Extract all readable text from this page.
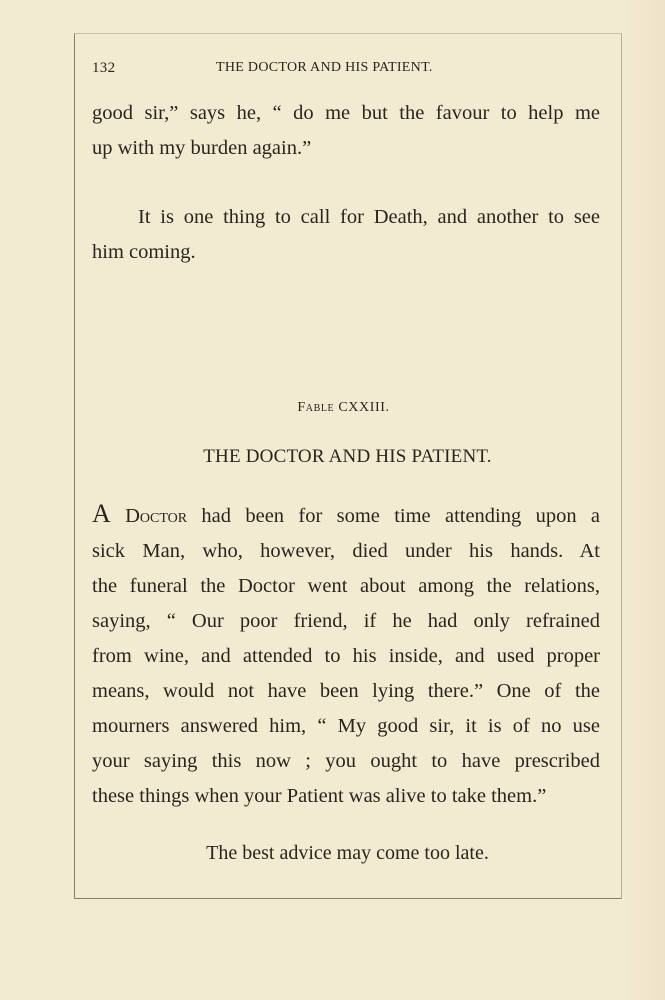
132	THE DOCTOR AND HIS PATIENT.
good sir,” says he, “ do me but the favour to help me
up with my burden again.”
It is one thing to call for Death, and another to see
him coming.
Fable CXXIII.
THE DOCTOR AND HIS PATIENT.
A Doctor had been for some time attending upon a
sick Man, who, however, died under his hands. At
the funeral the Doctor went about among the relations,
saying, “ Our poor friend, if he had only refrained
from wine, and attended to his inside, and used proper
means, would not have been lying there.” One of the
mourners answered him, “ My good sir, it is of no use
your saying this now ; you ought to have prescribed
these things when your Patient was alive to take them.”
The best advice may come too late.
